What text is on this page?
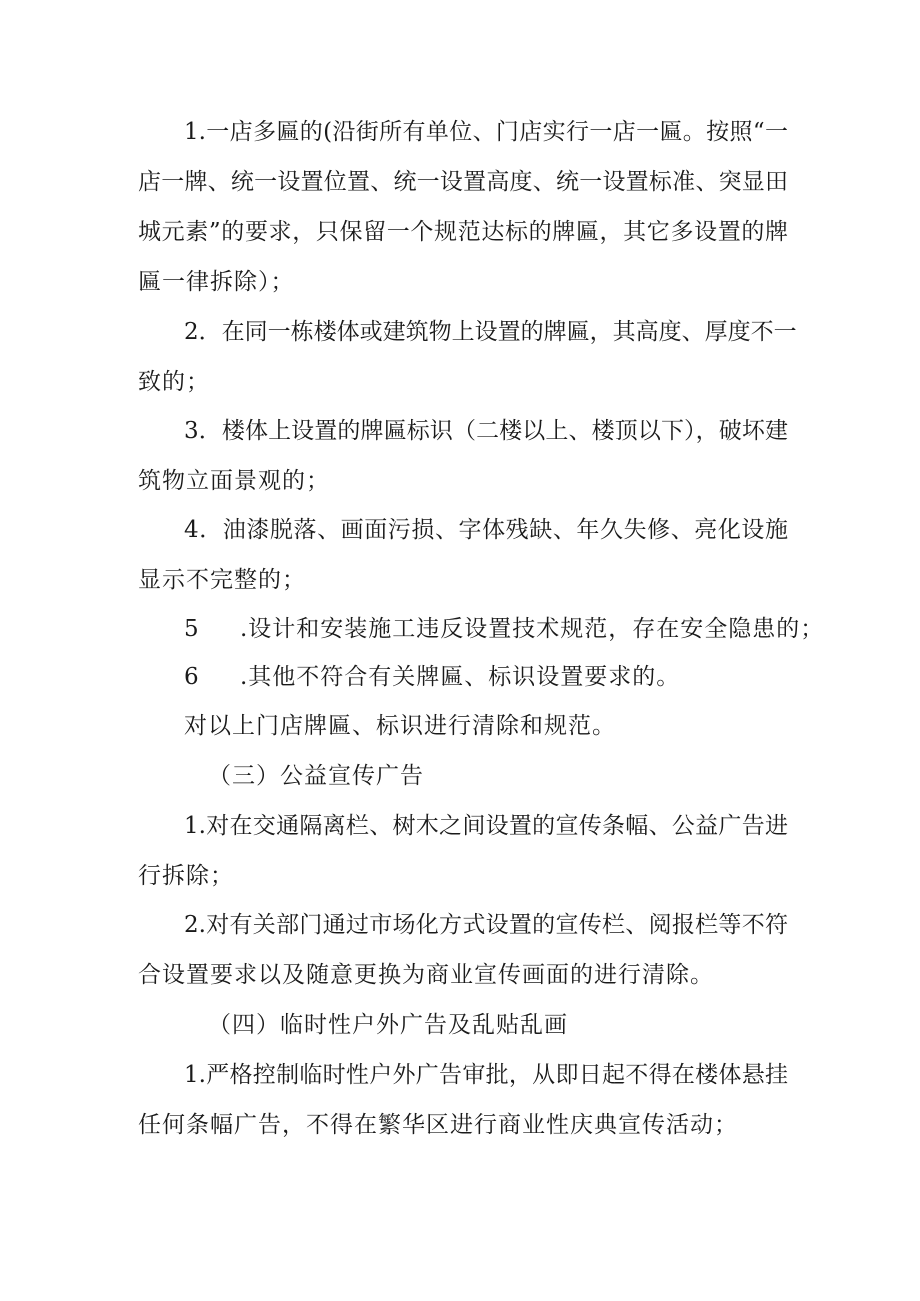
1.一店多匾的(沿街所有单位、门店实行一店一匾。按照“一
店一牌、统一设置位置、统一设置高度、统一设置标准、突显田
城元素”的要求，只保留一个规范达标的牌匾，其它多设置的牌
匾一律拆除）；
2．在同一栋楼体或建筑物上设置的牌匾，其高度、厚度不一
致的；
3．楼体上设置的牌匾标识（二楼以上、楼顶以下），破坏建
筑物立面景观的；
4．油漆脱落、画面污损、字体残缺、年久失修、亮化设施
显示不完整的；
5 .设计和安装施工违反设置技术规范，存在安全隐患的；
6 .其他不符合有关牌匾、标识设置要求的。
对以上门店牌匾、标识进行清除和规范。
（三）公益宣传广告
1.对在交通隔离栏、树木之间设置的宣传条幅、公益广告进
行拆除；
2.对有关部门通过市场化方式设置的宣传栏、阅报栏等不符
合设置要求以及随意更换为商业宣传画面的进行清除。
（四）临时性户外广告及乱贴乱画
1.严格控制临时性户外广告审批，从即日起不得在楼体悬挂
任何条幅广告，不得在繁华区进行商业性庆典宣传活动；
